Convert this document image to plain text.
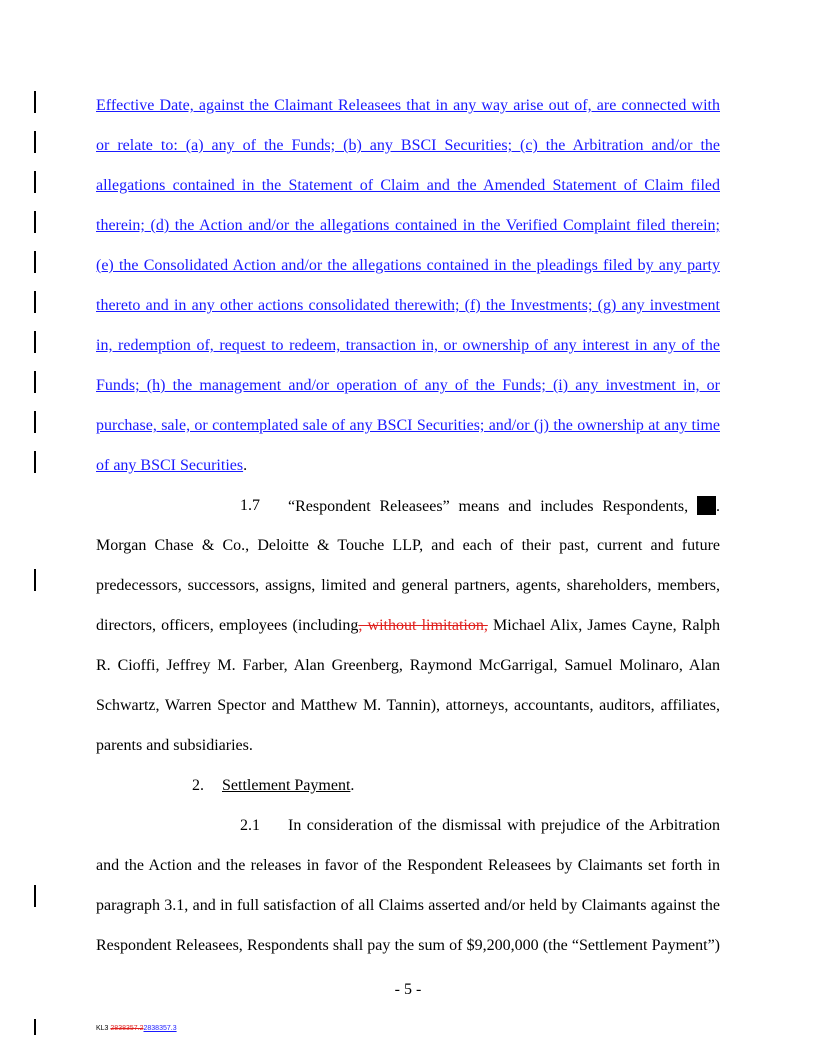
Effective Date, against the Claimant Releasees that in any way arise out of, are connected with
or relate to: (a) any of the Funds; (b) any BSCI Securities; (c) the Arbitration and/or the
allegations contained in the Statement of Claim and the Amended Statement of Claim filed
therein; (d) the Action and/or the allegations contained in the Verified Complaint filed therein;
(e) the Consolidated Action and/or the allegations contained in the pleadings filed by any party
thereto and in any other actions consolidated therewith; (f) the Investments; (g) any investment
in, redemption of, request to redeem, transaction in, or ownership of any interest in any of the
Funds; (h) the management and/or operation of any of the Funds; (i) any investment in, or
purchase, sale, or contemplated sale of any BSCI Securities; and/or (j) the ownership at any time
of any BSCI Securities.
1.7 “Respondent Releasees” means and includes Respondents, .
Morgan Chase & Co., Deloitte & Touche LLP, and each of their past, current and future
predecessors, successors, assigns, limited and general partners, agents, shareholders, members,
directors, officers, employees (including, without limitation, Michael Alix, James Cayne, Ralph
R. Cioffi, Jeffrey M. Farber, Alan Greenberg, Raymond McGarrigal, Samuel Molinaro, Alan
Schwartz, Warren Spector and Matthew M. Tannin), attorneys, accountants, auditors, affiliates,
parents and subsidiaries.
2. Settlement Payment.
2.1 In consideration of the dismissal with prejudice of the Arbitration
and the Action and the releases in favor of the Respondent Releasees by Claimants set forth in
paragraph 3.1, and in full satisfaction of all Claims asserted and/or held by Claimants against the
Respondent Releasees, Respondents shall pay the sum of $9,200,000 (the “Settlement Payment”)
- 5 -
KL3 2838357.22838357.3
